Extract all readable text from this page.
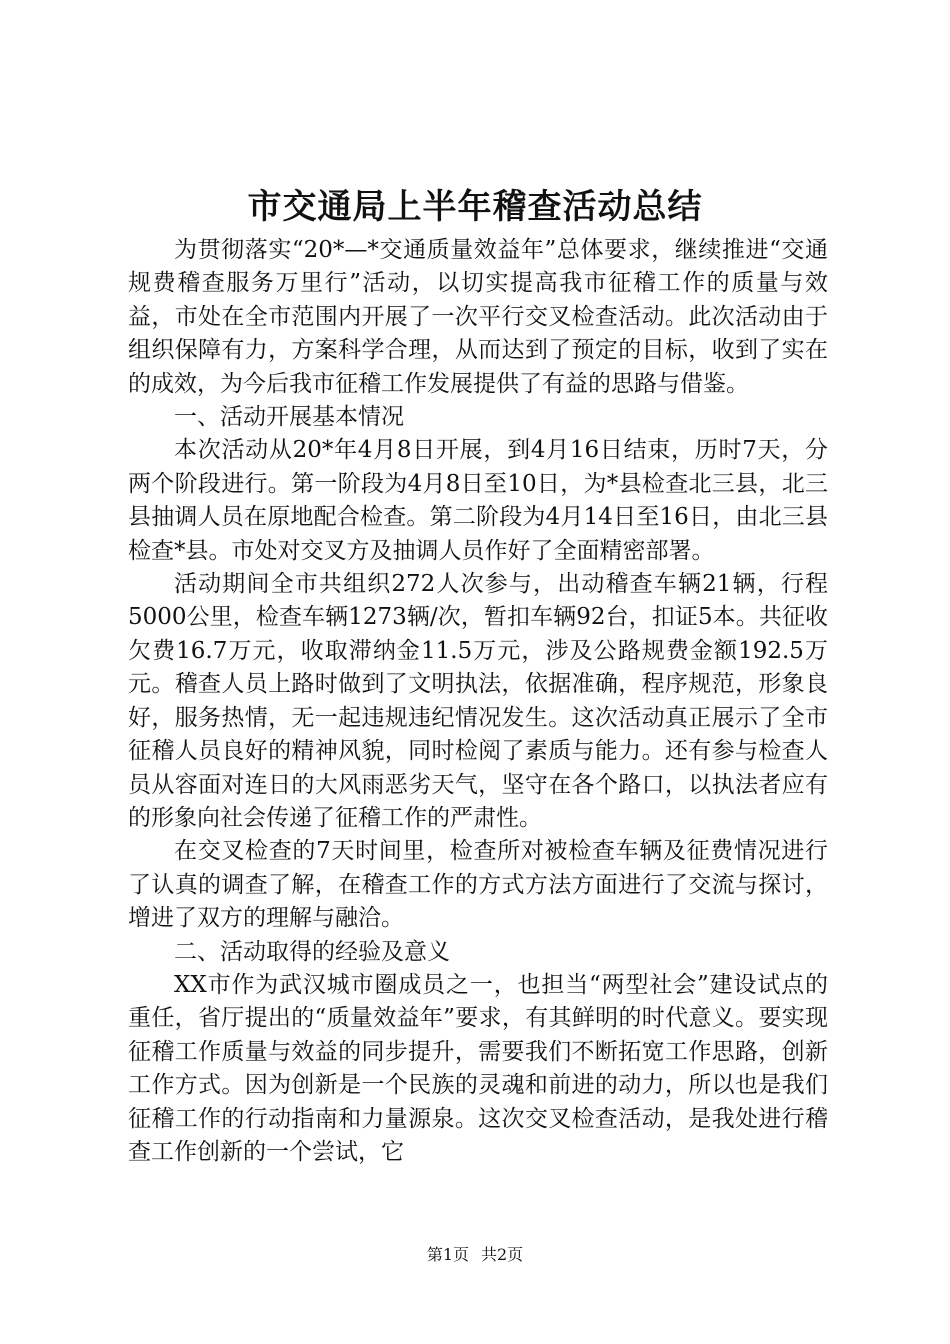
市交通局上半年稽查活动总结

为贯彻落实“20*—*交通质量效益年”总体要求，继续推进“交通规费稽查服务万里行”活动，以切实提高我市征稽工作的质量与效益，市处在全市范围内开展了一次平行交叉检查活动。此次活动由于组织保障有力，方案科学合理，从而达到了预定的目标，收到了实在的成效，为今后我市征稽工作发展提供了有益的思路与借鉴。

一、活动开展基本情况

本次活动从20*年4月8日开展，到4月16日结束，历时7天，分两个阶段进行。第一阶段为4月8日至10日，为*县检查北三县，北三县抽调人员在原地配合检查。第二阶段为4月14日至16日，由北三县检查*县。市处对交叉方及抽调人员作好了全面精密部署。

活动期间全市共组织272人次参与，出动稽查车辆21辆，行程5000公里，检查车辆1273辆/次，暂扣车辆92台，扣证5本。共征收欠费16.7万元，收取滞纳金11.5万元，涉及公路规费金额192.5万元。稽查人员上路时做到了文明执法，依据准确，程序规范，形象良好，服务热情，无一起违规违纪情况发生。这次活动真正展示了全市征稽人员良好的精神风貌，同时检阅了素质与能力。还有参与检查人员从容面对连日的大风雨恶劣天气，坚守在各个路口，以执法者应有的形象向社会传递了征稽工作的严肃性。

在交叉检查的7天时间里，检查所对被检查车辆及征费情况进行了认真的调查了解，在稽查工作的方式方法方面进行了交流与探讨，增进了双方的理解与融洽。

二、活动取得的经验及意义

XX市作为武汉城市圈成员之一，也担当“两型社会”建设试点的重任，省厅提出的“质量效益年”要求，有其鲜明的时代意义。要实现征稽工作质量与效益的同步提升，需要我们不断拓宽工作思路，创新工作方式。因为创新是一个民族的灵魂和前进的动力，所以也是我们征稽工作的行动指南和力量源泉。这次交叉检查活动，是我处进行稽查工作创新的一个尝试，它

第1页 共2页
